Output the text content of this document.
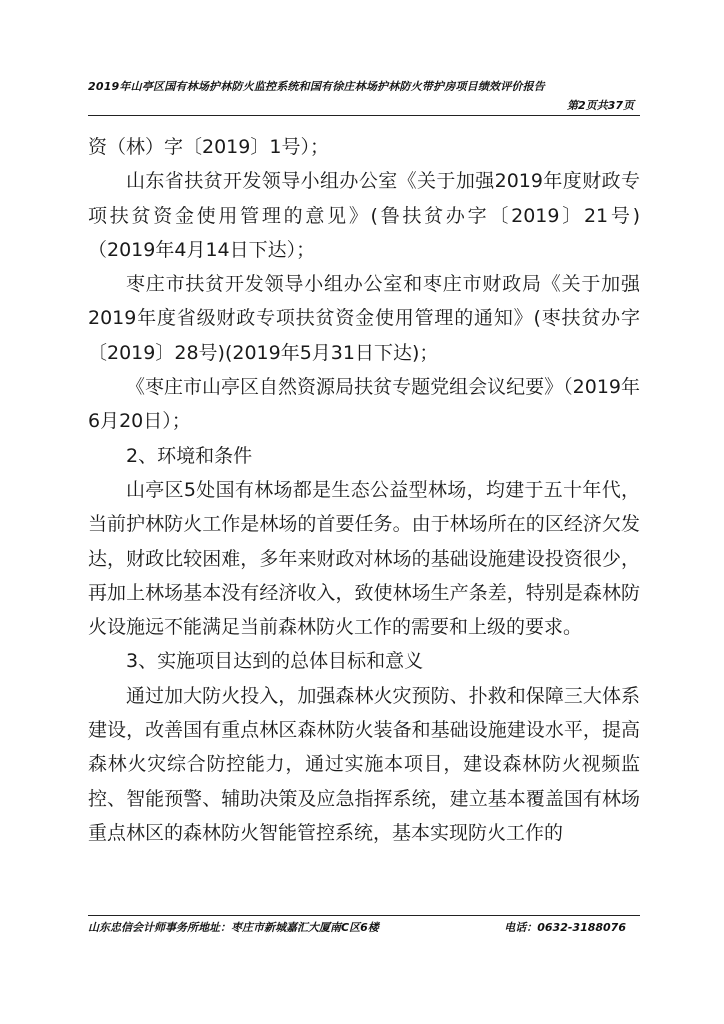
2019年山亭区国有林场护林防火监控系统和国有徐庄林场护林防火带护房项目绩效评价报告
第2页共37页

资（林）字〔2019〕1号）；

山东省扶贫开发领导小组办公室《关于加强2019年度财政专项扶贫资金使用管理的意见》(鲁扶贫办字〔2019〕21号)（2019年4月14日下达）；

枣庄市扶贫开发领导小组办公室和枣庄市财政局《关于加强2019年度省级财政专项扶贫资金使用管理的通知》(枣扶贫办字〔2019〕28号)(2019年5月31日下达)；

《枣庄市山亭区自然资源局扶贫专题党组会议纪要》（2019年6月20日）；

2、环境和条件

山亭区5处国有林场都是生态公益型林场，均建于五十年代，当前护林防火工作是林场的首要任务。由于林场所在的区经济欠发达，财政比较困难，多年来财政对林场的基础设施建设投资很少，再加上林场基本没有经济收入，致使林场生产条差，特别是森林防火设施远不能满足当前森林防火工作的需要和上级的要求。

3、实施项目达到的总体目标和意义

通过加大防火投入，加强森林火灾预防、扑救和保障三大体系建设，改善国有重点林区森林防火装备和基础设施建设水平，提高森林火灾综合防控能力，通过实施本项目，建设森林防火视频监控、智能预警、辅助决策及应急指挥系统，建立基本覆盖国有林场重点林区的森林防火智能管控系统，基本实现防火工作的

山东忠信会计师事务所地址：枣庄市新城嘉汇大厦南C区6楼	电话：0632-3188076
